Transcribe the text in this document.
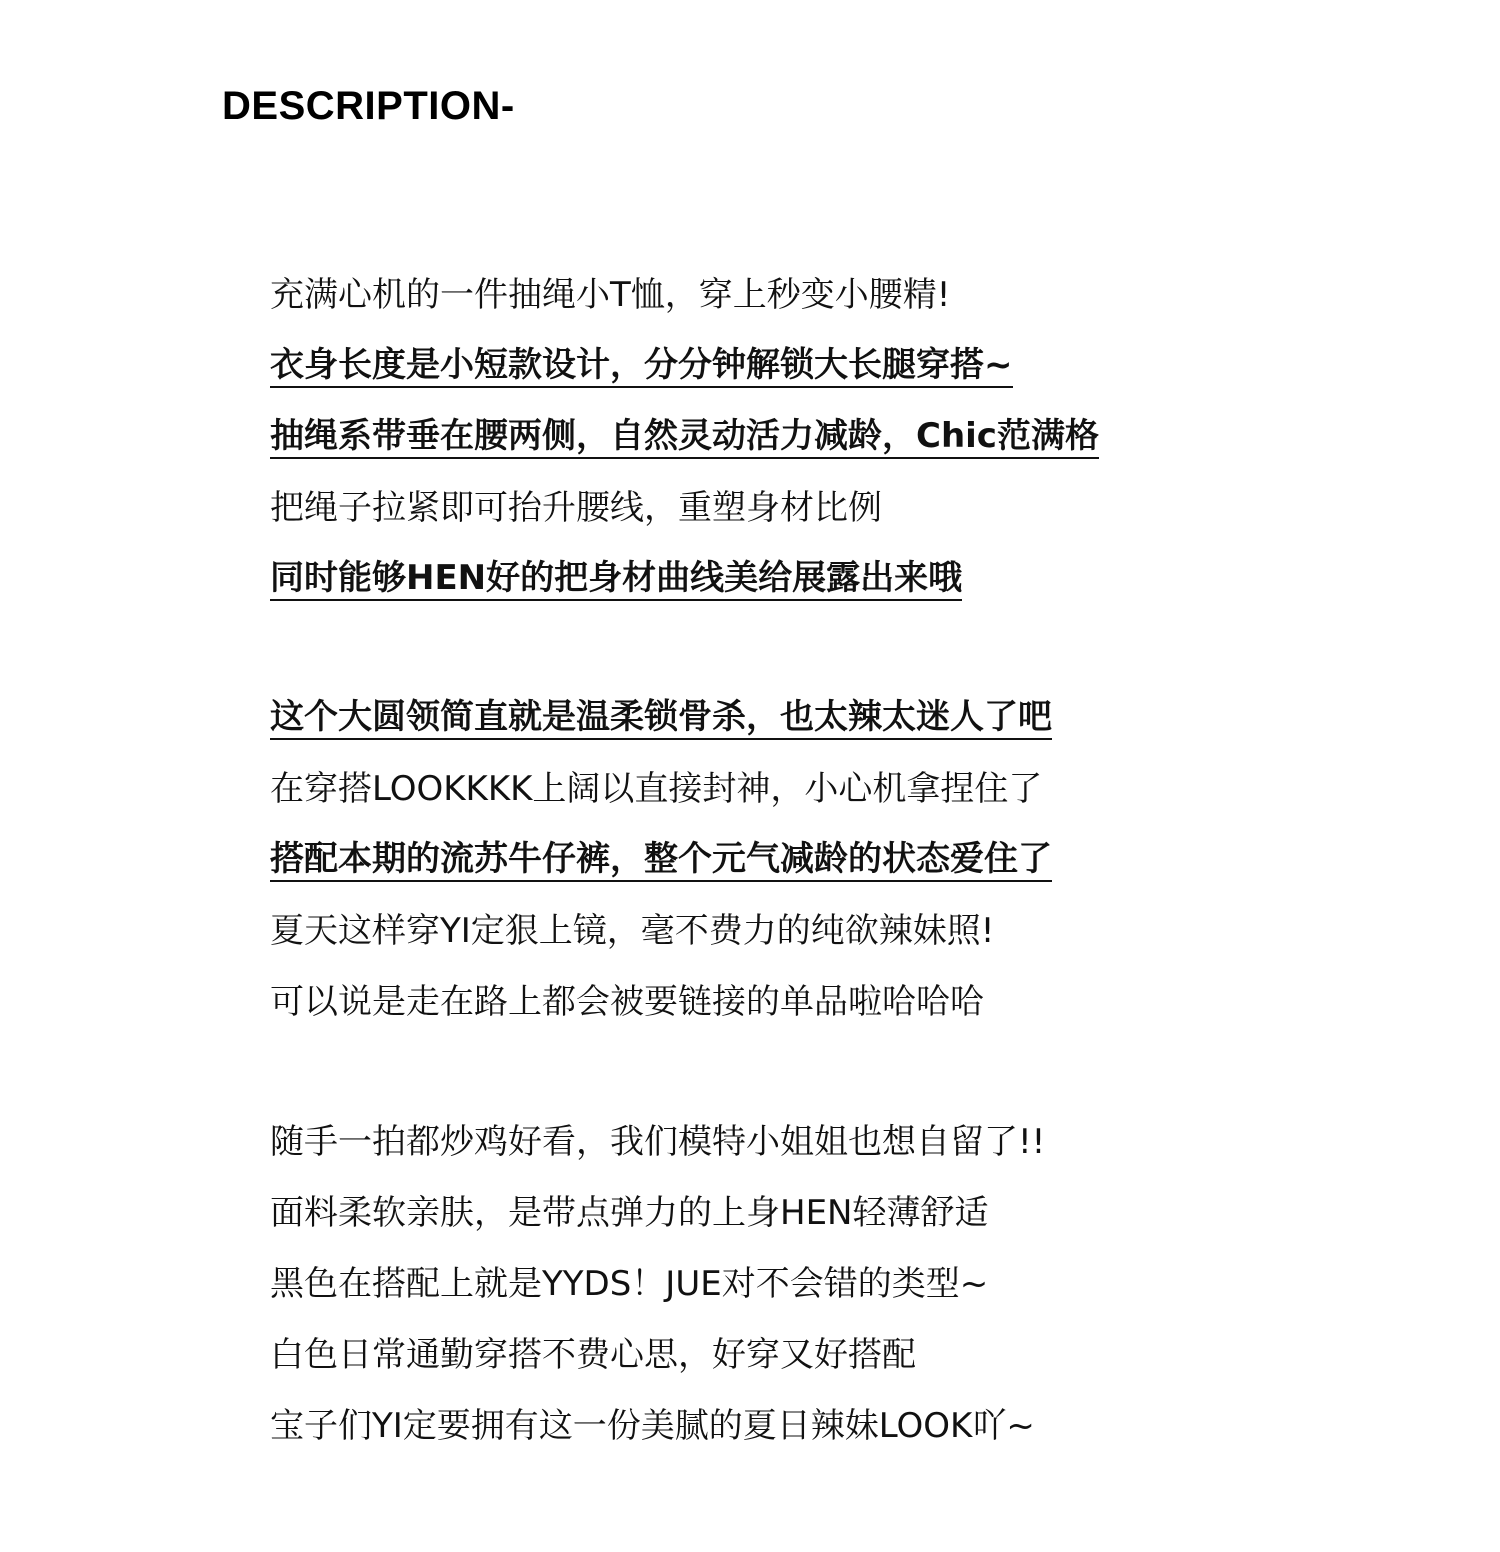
DESCRIPTION-
充满心机的一件抽绳小T恤，穿上秒变小腰精!
衣身长度是小短款设计，分分钟解锁大长腿穿搭~
抽绳系带垂在腰两侧，自然灵动活力减龄，Chic范满格
把绳子拉紧即可抬升腰线，重塑身材比例
同时能够HEN好的把身材曲线美给展露出来哦
这个大圆领简直就是温柔锁骨杀，也太辣太迷人了吧
在穿搭LOOKKKK上阔以直接封神，小心机拿捏住了
搭配本期的流苏牛仔裤，整个元气减龄的状态爱住了
夏天这样穿YI定狠上镜，毫不费力的纯欲辣妹照!
可以说是走在路上都会被要链接的单品啦哈哈哈
随手一拍都炒鸡好看，我们模特小姐姐也想自留了!!
面料柔软亲肤，是带点弹力的上身HEN轻薄舒适
黑色在搭配上就是YYDS！JUE对不会错的类型~
白色日常通勤穿搭不费心思，好穿又好搭配
宝子们YI定要拥有这一份美腻的夏日辣妹LOOK吖~
